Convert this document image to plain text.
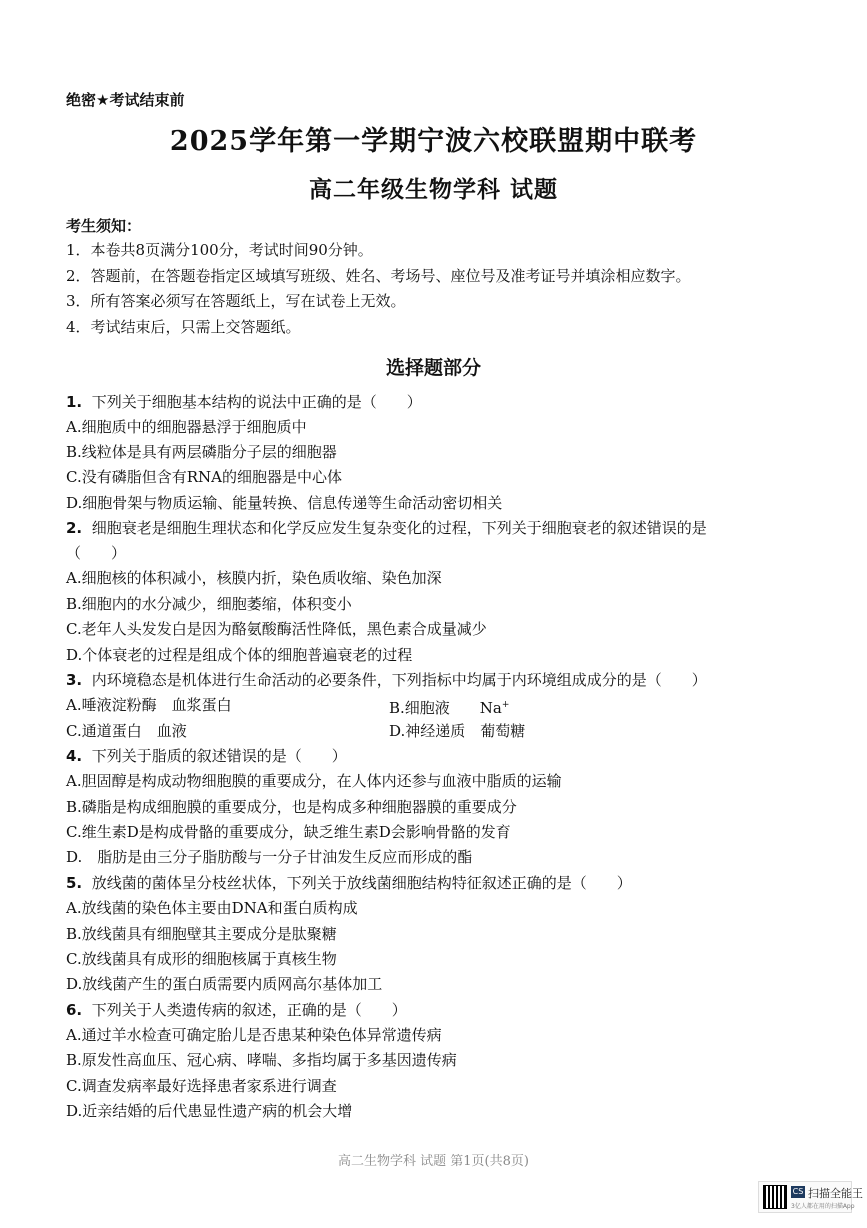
绝密★考试结束前
2025学年第一学期宁波六校联盟期中联考
高二年级生物学科 试题
考生须知：
1．本卷共8页满分100分，考试时间90分钟。
2．答题前，在答题卷指定区域填写班级、姓名、考场号、座位号及准考证号并填涂相应数字。
3．所有答案必须写在答题纸上，写在试卷上无效。
4．考试结束后，只需上交答题纸。
选择题部分
1. 下列关于细胞基本结构的说法中正确的是（　　）
A.细胞质中的细胞器悬浮于细胞质中
B.线粒体是具有两层磷脂分子层的细胞器
C.没有磷脂但含有RNA的细胞器是中心体
D.细胞骨架与物质运输、能量转换、信息传递等生命活动密切相关
2. 细胞衰老是细胞生理状态和化学反应发生复杂变化的过程，下列关于细胞衰老的叙述错误的是
（　　）
A.细胞核的体积减小，核膜内折，染色质收缩、染色加深
B.细胞内的水分减少，细胞萎缩，体积变小
C.老年人头发发白是因为酪氨酸酶活性降低，黑色素合成量减少
D.个体衰老的过程是组成个体的细胞普遍衰老的过程
3. 内环境稳态是机体进行生命活动的必要条件，下列指标中均属于内环境组成成分的是（　　）
A.唾液淀粉酶　血浆蛋白	B.细胞液　　Na+
C.通道蛋白　血液	D.神经递质　葡萄糖
4. 下列关于脂质的叙述错误的是（　　）
A.胆固醇是构成动物细胞膜的重要成分，在人体内还参与血液中脂质的运输
B.磷脂是构成细胞膜的重要成分，也是构成多种细胞器膜的重要成分
C.维生素D是构成骨骼的重要成分，缺乏维生素D会影响骨骼的发育
D.　脂肪是由三分子脂肪酸与一分子甘油发生反应而形成的酯
5. 放线菌的菌体呈分枝丝状体，下列关于放线菌细胞结构特征叙述正确的是（　　）
A.放线菌的染色体主要由DNA和蛋白质构成
B.放线菌具有细胞壁其主要成分是肽聚糖
C.放线菌具有成形的细胞核属于真核生物
D.放线菌产生的蛋白质需要内质网高尔基体加工
6. 下列关于人类遗传病的叙述，正确的是（　　）
A.通过羊水检查可确定胎儿是否患某种染色体异常遗传病
B.原发性高血压、冠心病、哮喘、多指均属于多基因遗传病
C.调查发病率最好选择患者家系进行调查
D.近亲结婚的后代患显性遗产病的机会大增
高二生物学科 试题 第1页(共8页)
CS 扫描全能王
3亿人都在用的扫描App
